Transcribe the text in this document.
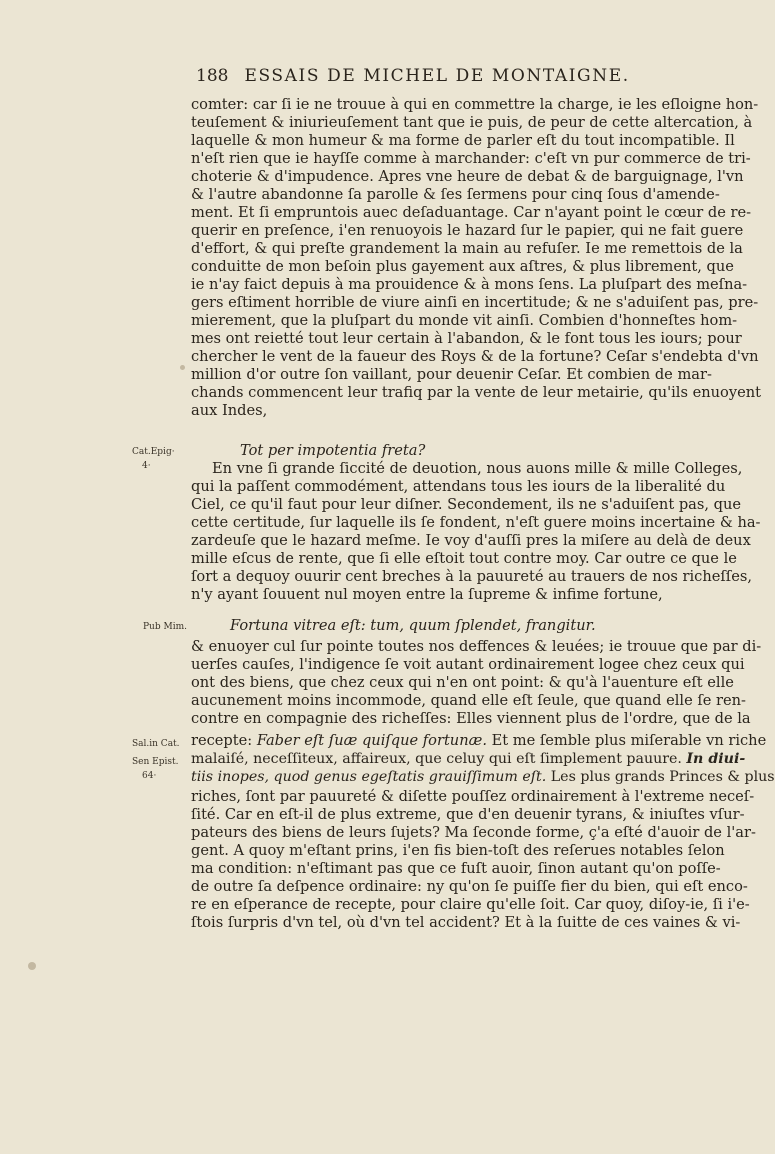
188 ESSAIS DE MICHEL DE MONTAIGNE.
Cat.Epig·
4·
Pub Mim.
Sal.in Cat.
Sen Epist.
64·
comter: car ſi ie ne trouue à qui en commettre la charge, ie les eſloigne hon-
teuſement & iniurieuſement tant que ie puis, de peur de cette altercation, à
laquelle & mon humeur & ma forme de parler eſt du tout incompatible. Il
n'eſt rien que ie hayſſe comme à marchander: c'eſt vn pur commerce de tri-
choterie & d'impudence. Apres vne heure de debat & de barguignage, l'vn
& l'autre abandonne ſa parolle & ſes ſermens pour cinq ſous d'amende-
ment. Et ſi empruntois auec deſaduantage. Car n'ayant point le cœur de re-
querir en preſence, i'en renuoyois le hazard ſur le papier, qui ne fait guere
d'effort, & qui preſte grandement la main au refuſer. Ie me remettois de la
conduitte de mon beſoin plus gayement aux aſtres, & plus librement, que
ie n'ay faict depuis à ma prouidence & à mons ſens. La pluſpart des meſna-
gers eſtiment horrible de viure ainſi en incertitude; & ne s'aduiſent pas, pre-
mierement, que la pluſpart du monde vit ainſi. Combien d'honneſtes hom-
mes ont reietté tout leur certain à l'abandon, & le font tous les iours; pour
chercher le vent de la faueur des Roys & de la fortune? Ceſar s'endebta d'vn
million d'or outre ſon vaillant, pour deuenir Ceſar. Et combien de mar-
chands commencent leur trafiq par la vente de leur metairie, qu'ils enuoyent
aux Indes,
Tot per impotentia freta?
En vne ſi grande ſiccité de deuotion, nous auons mille & mille Colleges,
qui la paſſent commodément, attendans tous les iours de la liberalité du
Ciel, ce qu'il faut pour leur diſner. Secondement, ils ne s'aduiſent pas, que
cette certitude, ſur laquelle ils ſe fondent, n'eſt guere moins incertaine & ha-
zardeuſe que le hazard meſme. Ie voy d'auſſi pres la miſere au delà de deux
mille eſcus de rente, que ſi elle eſtoit tout contre moy. Car outre ce que le
ſort a dequoy ouurir cent breches à la pauureté au trauers de nos richeſſes,
n'y ayant ſouuent nul moyen entre la ſupreme & infime fortune,
Fortuna vitrea eſt: tum, quum ſplendet, frangitur.
& enuoyer cul ſur pointe toutes nos deffences & leuées; ie trouue que par di-
uerſes cauſes, l'indigence ſe voit autant ordinairement logee chez ceux qui
ont des biens, que chez ceux qui n'en ont point: & qu'à l'auenture eſt elle
aucunement moins incommode, quand elle eſt ſeule, que quand elle ſe ren-
contre en compagnie des richeſſes: Elles viennent plus de l'ordre, que de la
recepte: Faber eſt ſuæ quiſque fortunæ. Et me ſemble plus miſerable vn riche
malaiſé, neceſſiteux, affaireux, que celuy qui eſt ſimplement pauure. In diui-
tiis inopes, quod genus egeſtatis grauiſſimum eſt. Les plus grands Princes & plus
riches, ſont par pauureté & diſette pouſſez ordinairement à l'extreme neceſ-
ſité. Car en eſt-il de plus extreme, que d'en deuenir tyrans, & iniuſtes vſur-
pateurs des biens de leurs ſujets? Ma ſeconde forme, ç'a eſté d'auoir de l'ar-
gent. A quoy m'eſtant prins, i'en fis bien-toſt des reſerues notables ſelon
ma condition: n'eſtimant pas que ce fuſt auoir, ſinon autant qu'on poſſe-
de outre ſa deſpence ordinaire: ny qu'on ſe puiſſe fier du bien, qui eſt enco-
re en eſperance de recepte, pour claire qu'elle ſoit. Car quoy, diſoy-ie, ſi i'e-
ſtois ſurpris d'vn tel, où d'vn tel accident? Et à la ſuitte de ces vaines & vi-
